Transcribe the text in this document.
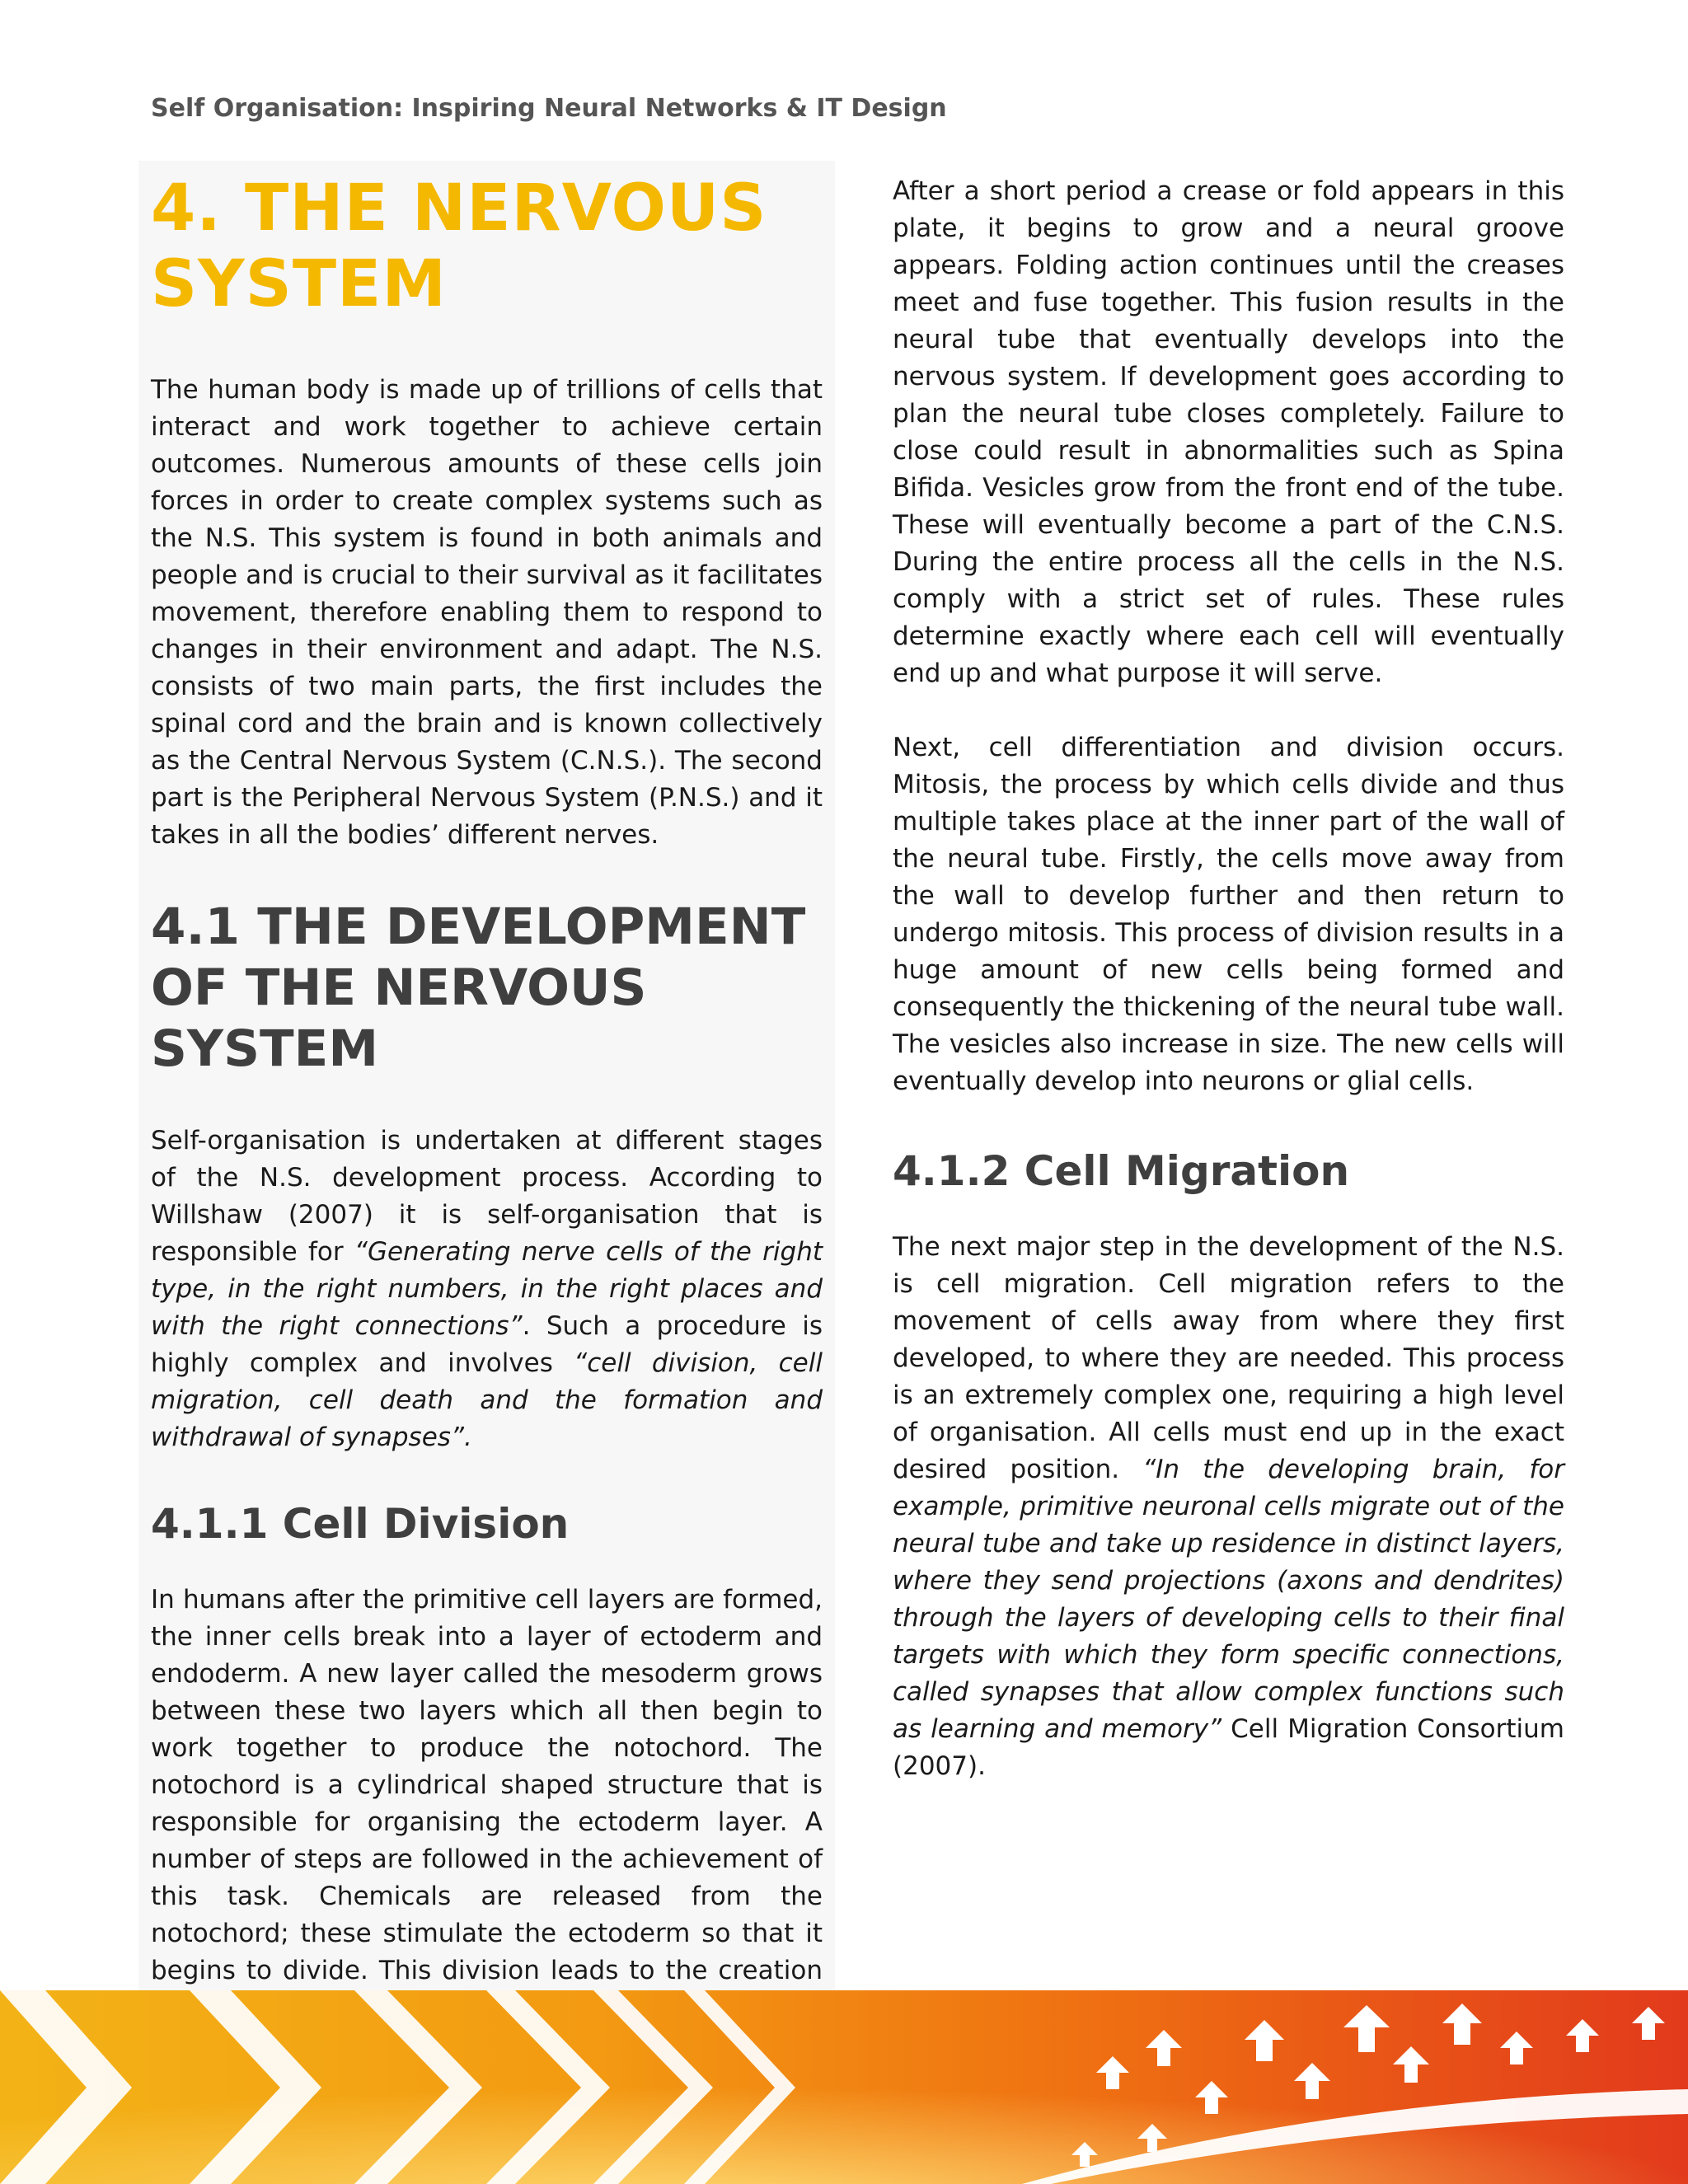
Self Organisation: Inspiring Neural Networks & IT Design
4. THE NERVOUS SYSTEM

The human body is made up of trillions of cells that interact and work together to achieve certain outcomes. Numerous amounts of these cells join forces in order to create complex systems such as the N.S. This system is found in both animals and people and is crucial to their survival as it facilitates movement, therefore enabling them to respond to changes in their environment and adapt. The N.S. consists of two main parts, the first includes the spinal cord and the brain and is known collectively as the Central Nervous System (C.N.S.). The second part is the Peripheral Nervous System (P.N.S.) and it takes in all the bodies’ different nerves.

4.1 THE DEVELOPMENT OF THE NERVOUS SYSTEM

Self-organisation is undertaken at different stages of the N.S. development process. According to Willshaw (2007) it is self-organisation that is responsible for “Generating nerve cells of the right type, in the right numbers, in the right places and with the right connections”. Such a procedure is highly complex and involves “cell division, cell migration, cell death and the formation and withdrawal of synapses”.

4.1.1 Cell Division

In humans after the primitive cell layers are formed, the inner cells break into a layer of ectoderm and endoderm. A new layer called the mesoderm grows between these two layers which all then begin to work together to produce the notochord. The notochord is a cylindrical shaped structure that is responsible for organising the ectoderm layer. A number of steps are followed in the achievement of this task. Chemicals are released from the notochord; these stimulate the ectoderm so that it begins to divide. This division leads to the creation

After a short period a crease or fold appears in this plate, it begins to grow and a neural groove appears. Folding action continues until the creases meet and fuse together. This fusion results in the neural tube that eventually develops into the nervous system. If development goes according to plan the neural tube closes completely. Failure to close could result in abnormalities such as Spina Bifida. Vesicles grow from the front end of the tube. These will eventually become a part of the C.N.S. During the entire process all the cells in the N.S. comply with a strict set of rules. These rules determine exactly where each cell will eventually end up and what purpose it will serve.

Next, cell differentiation and division occurs. Mitosis, the process by which cells divide and thus multiple takes place at the inner part of the wall of the neural tube. Firstly, the cells move away from the wall to develop further and then return to undergo mitosis. This process of division results in a huge amount of new cells being formed and consequently the thickening of the neural tube wall. The vesicles also increase in size. The new cells will eventually develop into neurons or glial cells.

4.1.2 Cell Migration

The next major step in the development of the N.S. is cell migration. Cell migration refers to the movement of cells away from where they first developed, to where they are needed. This process is an extremely complex one, requiring a high level of organisation. All cells must end up in the exact desired position. “In the developing brain, for example, primitive neuronal cells migrate out of the neural tube and take up residence in distinct layers, where they send projections (axons and dendrites) through the layers of developing cells to their final targets with which they form specific connections, called synapses that allow complex functions such as learning and memory” Cell Migration Consortium (2007).
